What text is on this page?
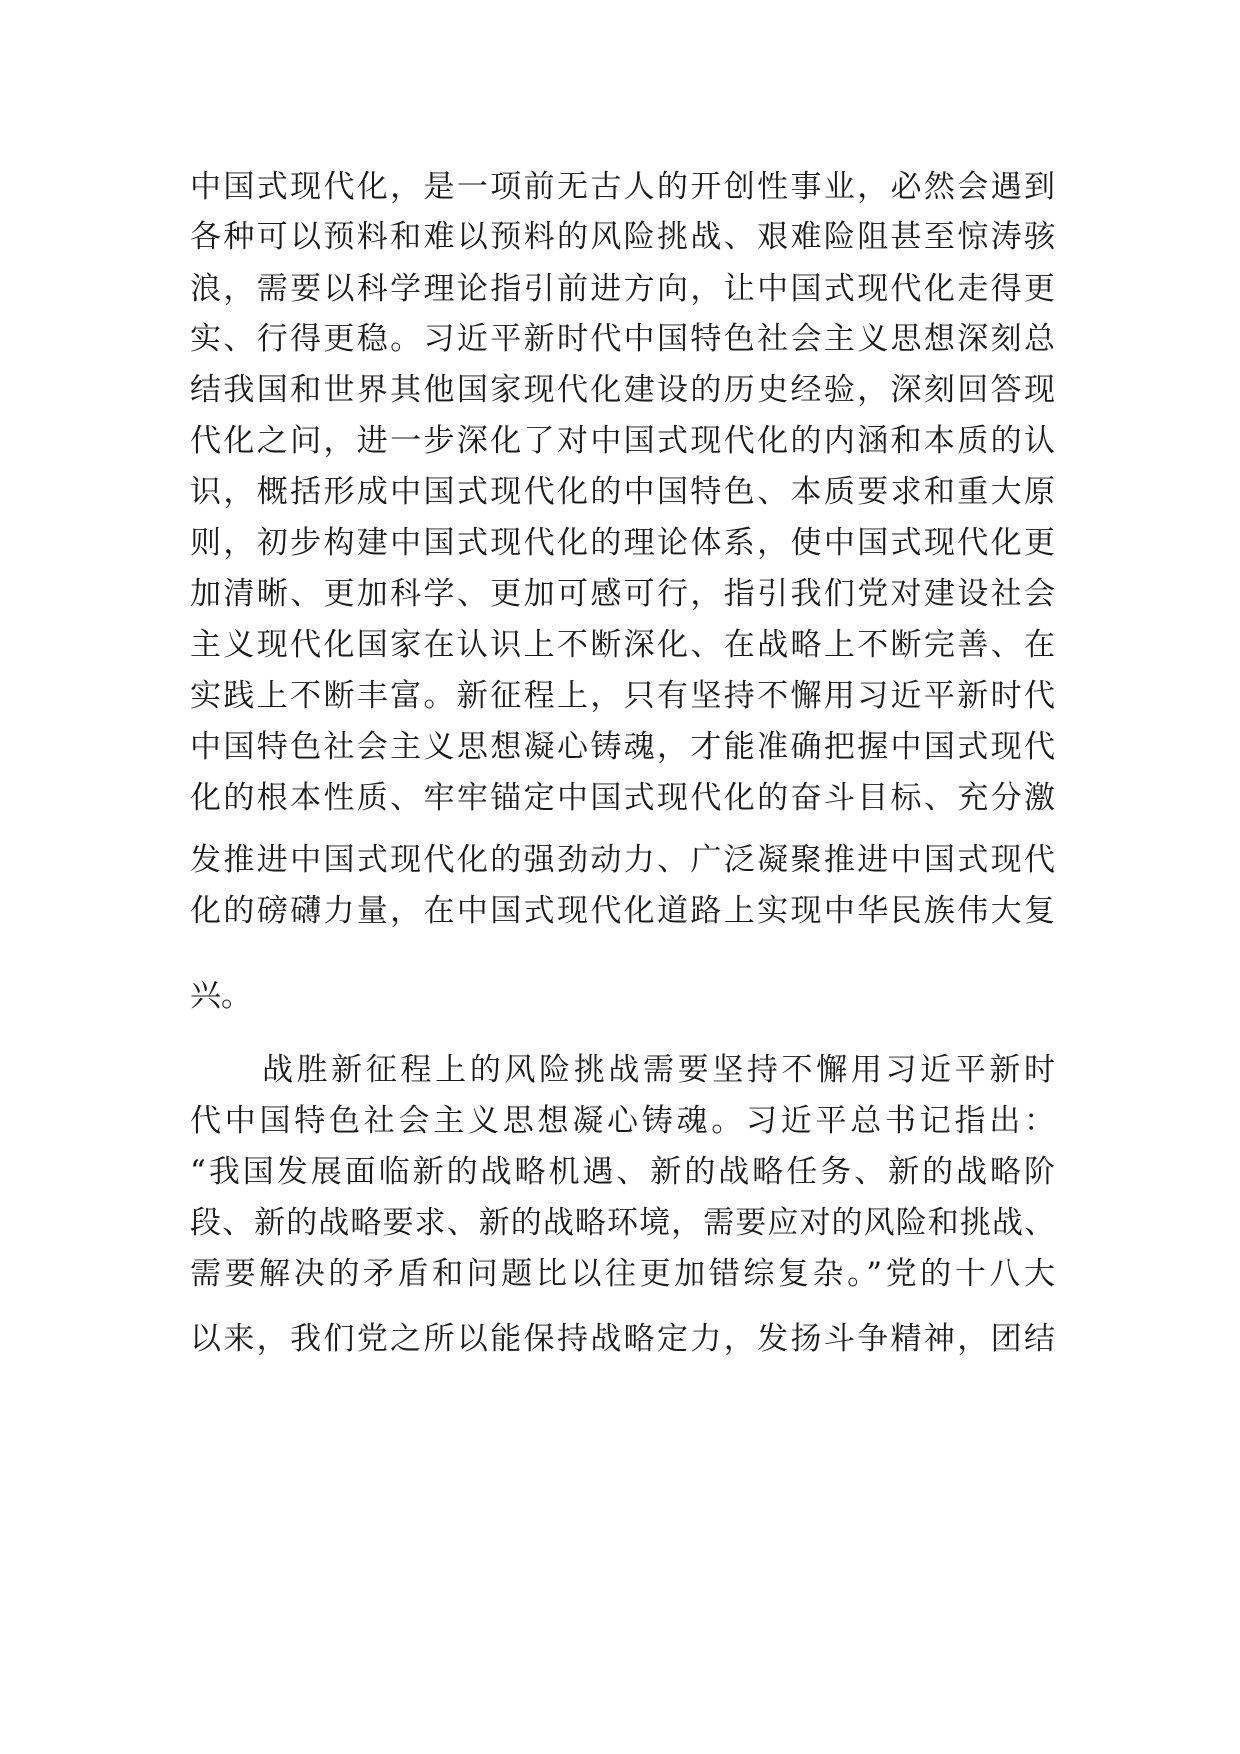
中国式现代化，是一项前无古人的开创性事业，必然会遇到
各种可以预料和难以预料的风险挑战、艰难险阻甚至惊涛骇
浪，需要以科学理论指引前进方向，让中国式现代化走得更
实、行得更稳。习近平新时代中国特色社会主义思想深刻总
结我国和世界其他国家现代化建设的历史经验，深刻回答现
代化之问，进一步深化了对中国式现代化的内涵和本质的认
识，概括形成中国式现代化的中国特色、本质要求和重大原
则，初步构建中国式现代化的理论体系，使中国式现代化更
加清晰、更加科学、更加可感可行，指引我们党对建设社会
主义现代化国家在认识上不断深化、在战略上不断完善、在
实践上不断丰富。新征程上，只有坚持不懈用习近平新时代
中国特色社会主义思想凝心铸魂，才能准确把握中国式现代
化的根本性质、牢牢锚定中国式现代化的奋斗目标、充分激
发推进中国式现代化的强劲动力、广泛凝聚推进中国式现代
化的磅礴力量，在中国式现代化道路上实现中华民族伟大复
兴。
战胜新征程上的风险挑战需要坚持不懈用习近平新时
代中国特色社会主义思想凝心铸魂。习近平总书记指出：
“我国发展面临新的战略机遇、新的战略任务、新的战略阶
段、新的战略要求、新的战略环境，需要应对的风险和挑战、
需要解决的矛盾和问题比以往更加错综复杂。”党的十八大
以来，我们党之所以能保持战略定力，发扬斗争精神，团结
